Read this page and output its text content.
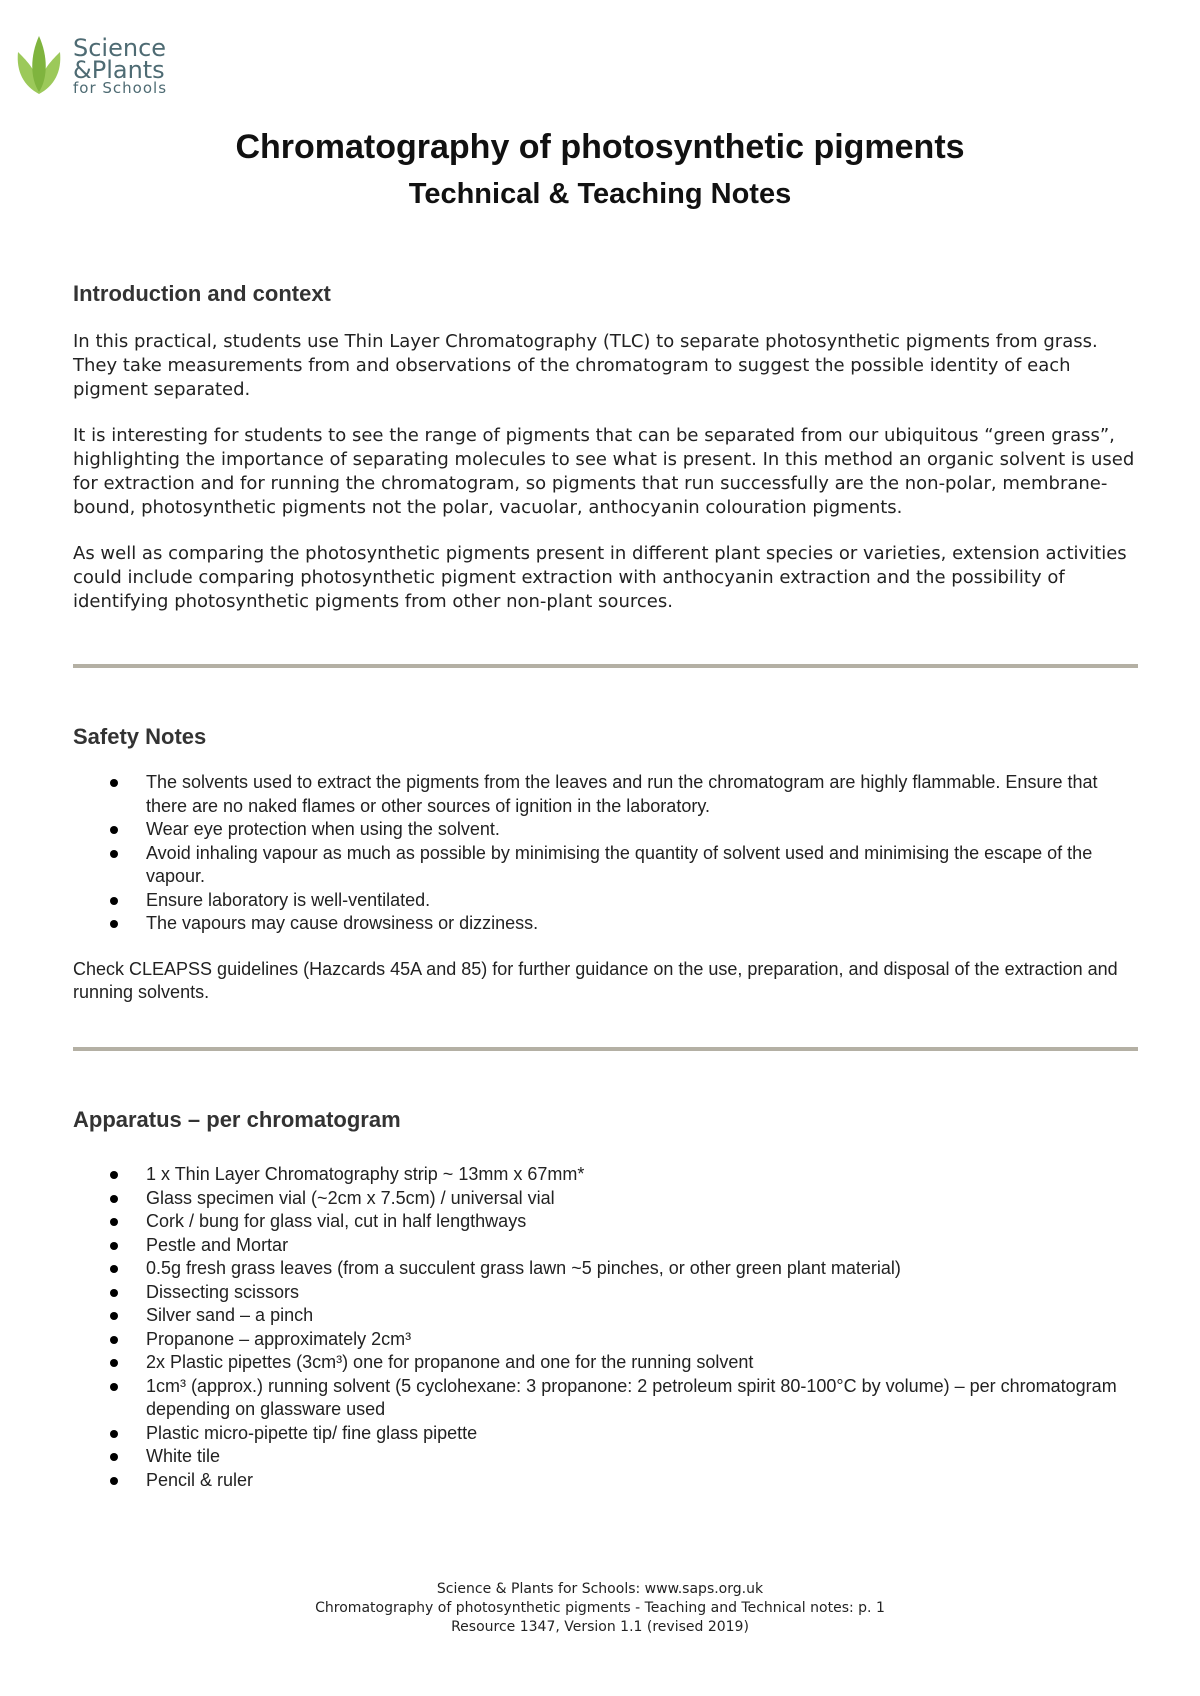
Science
&Plants
for Schools
Chromatography of photosynthetic pigments
Technical & Teaching Notes
Introduction and context

In this practical, students use Thin Layer Chromatography (TLC) to separate photosynthetic pigments from grass. They take measurements from and observations of the chromatogram to suggest the possible identity of each pigment separated.

It is interesting for students to see the range of pigments that can be separated from our ubiquitous “green grass”, highlighting the importance of separating molecules to see what is present. In this method an organic solvent is used for extraction and for running the chromatogram, so pigments that run successfully are the non-polar, membrane-bound, photosynthetic pigments not the polar, vacuolar, anthocyanin colouration pigments.

As well as comparing the photosynthetic pigments present in different plant species or varieties, extension activities could include comparing photosynthetic pigment extraction with anthocyanin extraction and the possibility of identifying photosynthetic pigments from other non-plant sources.

Safety Notes
The solvents used to extract the pigments from the leaves and run the chromatogram are highly flammable. Ensure that there are no naked flames or other sources of ignition in the laboratory.
Wear eye protection when using the solvent.
Avoid inhaling vapour as much as possible by minimising the quantity of solvent used and minimising the escape of the vapour.
Ensure laboratory is well-ventilated.
The vapours may cause drowsiness or dizziness.

Check CLEAPSS guidelines (Hazcards 45A and 85) for further guidance on the use, preparation, and disposal of the extraction and running solvents.

Apparatus – per chromatogram
1 x Thin Layer Chromatography strip ~ 13mm x 67mm*
Glass specimen vial (~2cm x 7.5cm) / universal vial
Cork / bung for glass vial, cut in half lengthways
Pestle and Mortar
0.5g fresh grass leaves (from a succulent grass lawn ~5 pinches, or other green plant material)
Dissecting scissors
Silver sand – a pinch
Propanone – approximately 2cm³
2x Plastic pipettes (3cm³) one for propanone and one for the running solvent
1cm³ (approx.) running solvent (5 cyclohexane: 3 propanone: 2 petroleum spirit 80-100°C by volume) – per chromatogram depending on glassware used
Plastic micro-pipette tip/ fine glass pipette
White tile
Pencil & ruler
Science & Plants for Schools: www.saps.org.uk
Chromatography of photosynthetic pigments - Teaching and Technical notes: p. 1
Resource 1347, Version 1.1 (revised 2019)
